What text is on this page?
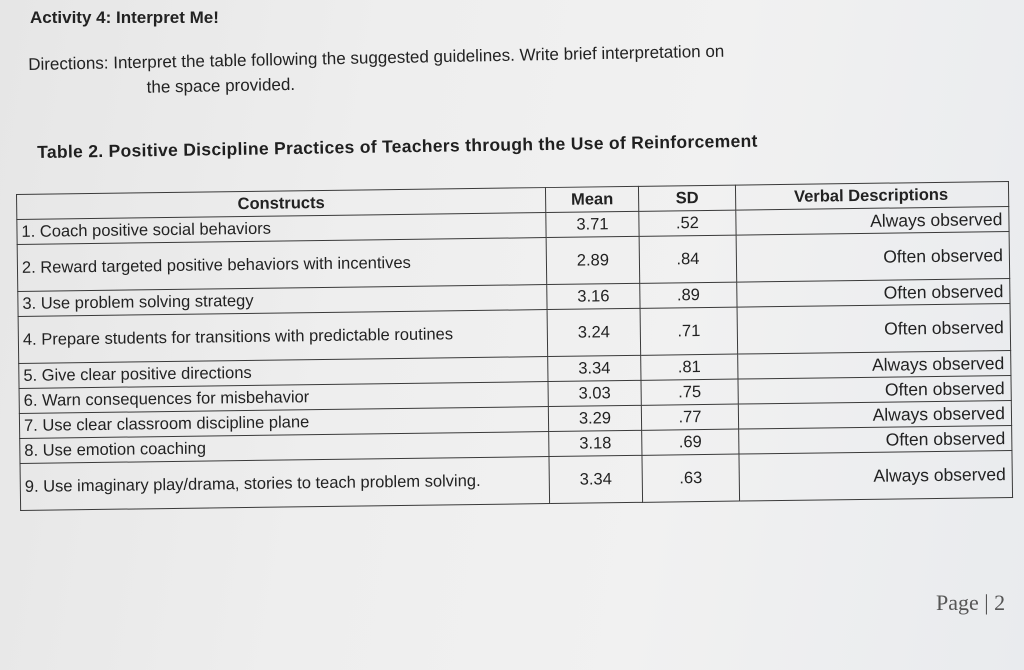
Activity 4: Interpret Me!
Directions: Interpret the table following the suggested guidelines. Write brief interpretation on
the space provided.
Table 2. Positive Discipline Practices of Teachers through the Use of Reinforcement
Constructs	Mean	SD	Verbal Descriptions

1. Coach positive social behaviors	3.71	.52	Always observed

2. Reward targeted positive behaviors with incentives	2.89	.84	Often observed

3. Use problem solving strategy	3.16	.89	Often observed

4. Prepare students for transitions with predictable routines	3.24	.71	Often observed

5. Give clear positive directions	3.34	.81	Always observed

6. Warn consequences for misbehavior	3.03	.75	Often observed

7. Use clear classroom discipline plane	3.29	.77	Always observed

8. Use emotion coaching	3.18	.69	Often observed

9. Use imaginary play/drama, stories to teach problem solving.	3.34	.63	Always observed
Page | 2
